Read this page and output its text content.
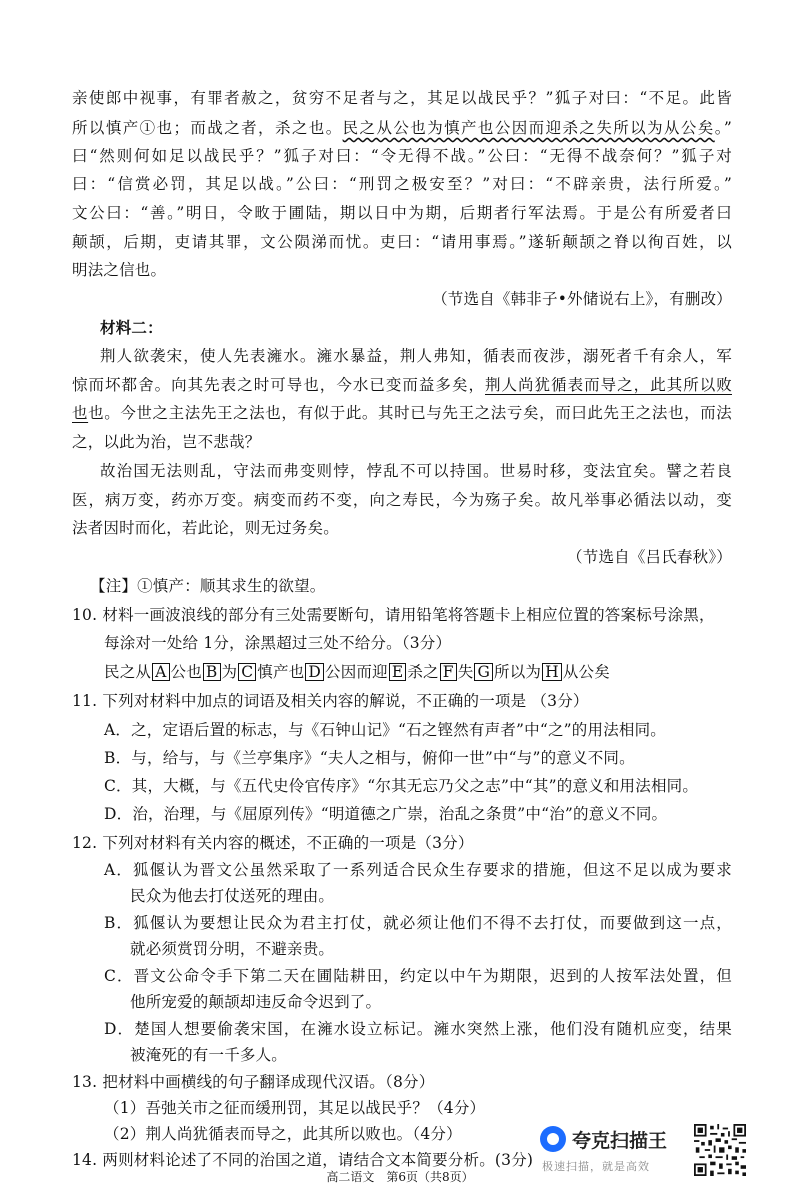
亲使郎中视事，有罪者赦之，贫穷不足者与之，其足以战民乎？”狐子对曰：“不足。此皆
所以慎产①也；而战之者，杀之也。民之从公也为慎产也公因而迎杀之失所以为从公矣。”
曰“然则何如足以战民乎？”狐子对曰：“令无得不战。”公曰：“无得不战奈何？”狐子对
曰：“信赏必罚，其足以战。”公曰：“刑罚之极安至？”对曰：“不辟亲贵，法行所爱。”
文公曰：“善。”明日，令畋于圃陆，期以日中为期，后期者行军法焉。于是公有所爱者曰
颠颉，后期，吏请其罪，文公陨涕而忧。吏曰：“请用事焉。”遂斩颠颉之脊以徇百姓，以
明法之信也。
（节选自《韩非子•外储说右上》，有删改）
材料二：
荆人欲袭宋，使人先表澭水。澭水暴益，荆人弗知，循表而夜涉，溺死者千有余人，军
惊而坏都舍。向其先表之时可导也，今水已变而益多矣，荆人尚犹循表而导之，此其所以败
也也。今世之主法先王之法也，有似于此。其时已与先王之法亏矣，而曰此先王之法也，而法
之，以此为治，岂不悲哉？
故治国无法则乱，守法而弗变则悖，悖乱不可以持国。世易时移，变法宜矣。譬之若良
医，病万变，药亦万变。病变而药不变，向之寿民，今为殇子矣。故凡举事必循法以动，变
法者因时而化，若此论，则无过务矣。
（节选自《吕氏春秋》）
【注】①慎产：顺其求生的欲望。
10. 材料一画波浪线的部分有三处需要断句，请用铅笔将答题卡上相应位置的答案标号涂黑，
每涂对一处给 1分，涂黑超过三处不给分。（3分）
民之从 A 公也 B 为 C 慎产也 D 公因而迎 E 杀之 F 失 G 所以为 H 从公矣
11. 下列对材料中加点的词语及相关内容的解说，不正确的一项是 （3分）
A．之，定语后置的标志，与《石钟山记》“石之铿然有声者”中“之”的用法相同。
B．与，给与，与《兰亭集序》“夫人之相与，俯仰一世”中“与”的意义不同。
C．其，大概，与《五代史伶官传序》“尔其无忘乃父之志”中“其”的意义和用法相同。
D．治，治理，与《屈原列传》“明道德之广崇，治乱之条贯”中“治”的意义不同。
12. 下列对材料有关内容的概述，不正确的一项是（3分）
A．狐偃认为晋文公虽然采取了一系列适合民众生存要求的措施，但这不足以成为要求
民众为他去打仗送死的理由。
B．狐偃认为要想让民众为君主打仗，就必须让他们不得不去打仗，而要做到这一点，
就必须赏罚分明，不避亲贵。
C．晋文公命令手下第二天在圃陆耕田，约定以中午为期限，迟到的人按军法处置，但
他所宠爱的颠颉却违反命令迟到了。
高二语文　第6页（共8页）
夸克扫描王
极速扫描，就是高效
D．楚国人想要偷袭宋国，在澭水设立标记。澭水突然上涨，他们没有随机应变，结果
被淹死的有一千多人。
13. 把材料中画横线的句子翻译成现代汉语。（8分）
（1）吾弛关市之征而缓刑罚，其足以战民乎？（4分）
（2）荆人尚犹循表而导之，此其所以败也。（4分）
14. 两则材料论述了不同的治国之道，请结合文本简要分析。(3分)
